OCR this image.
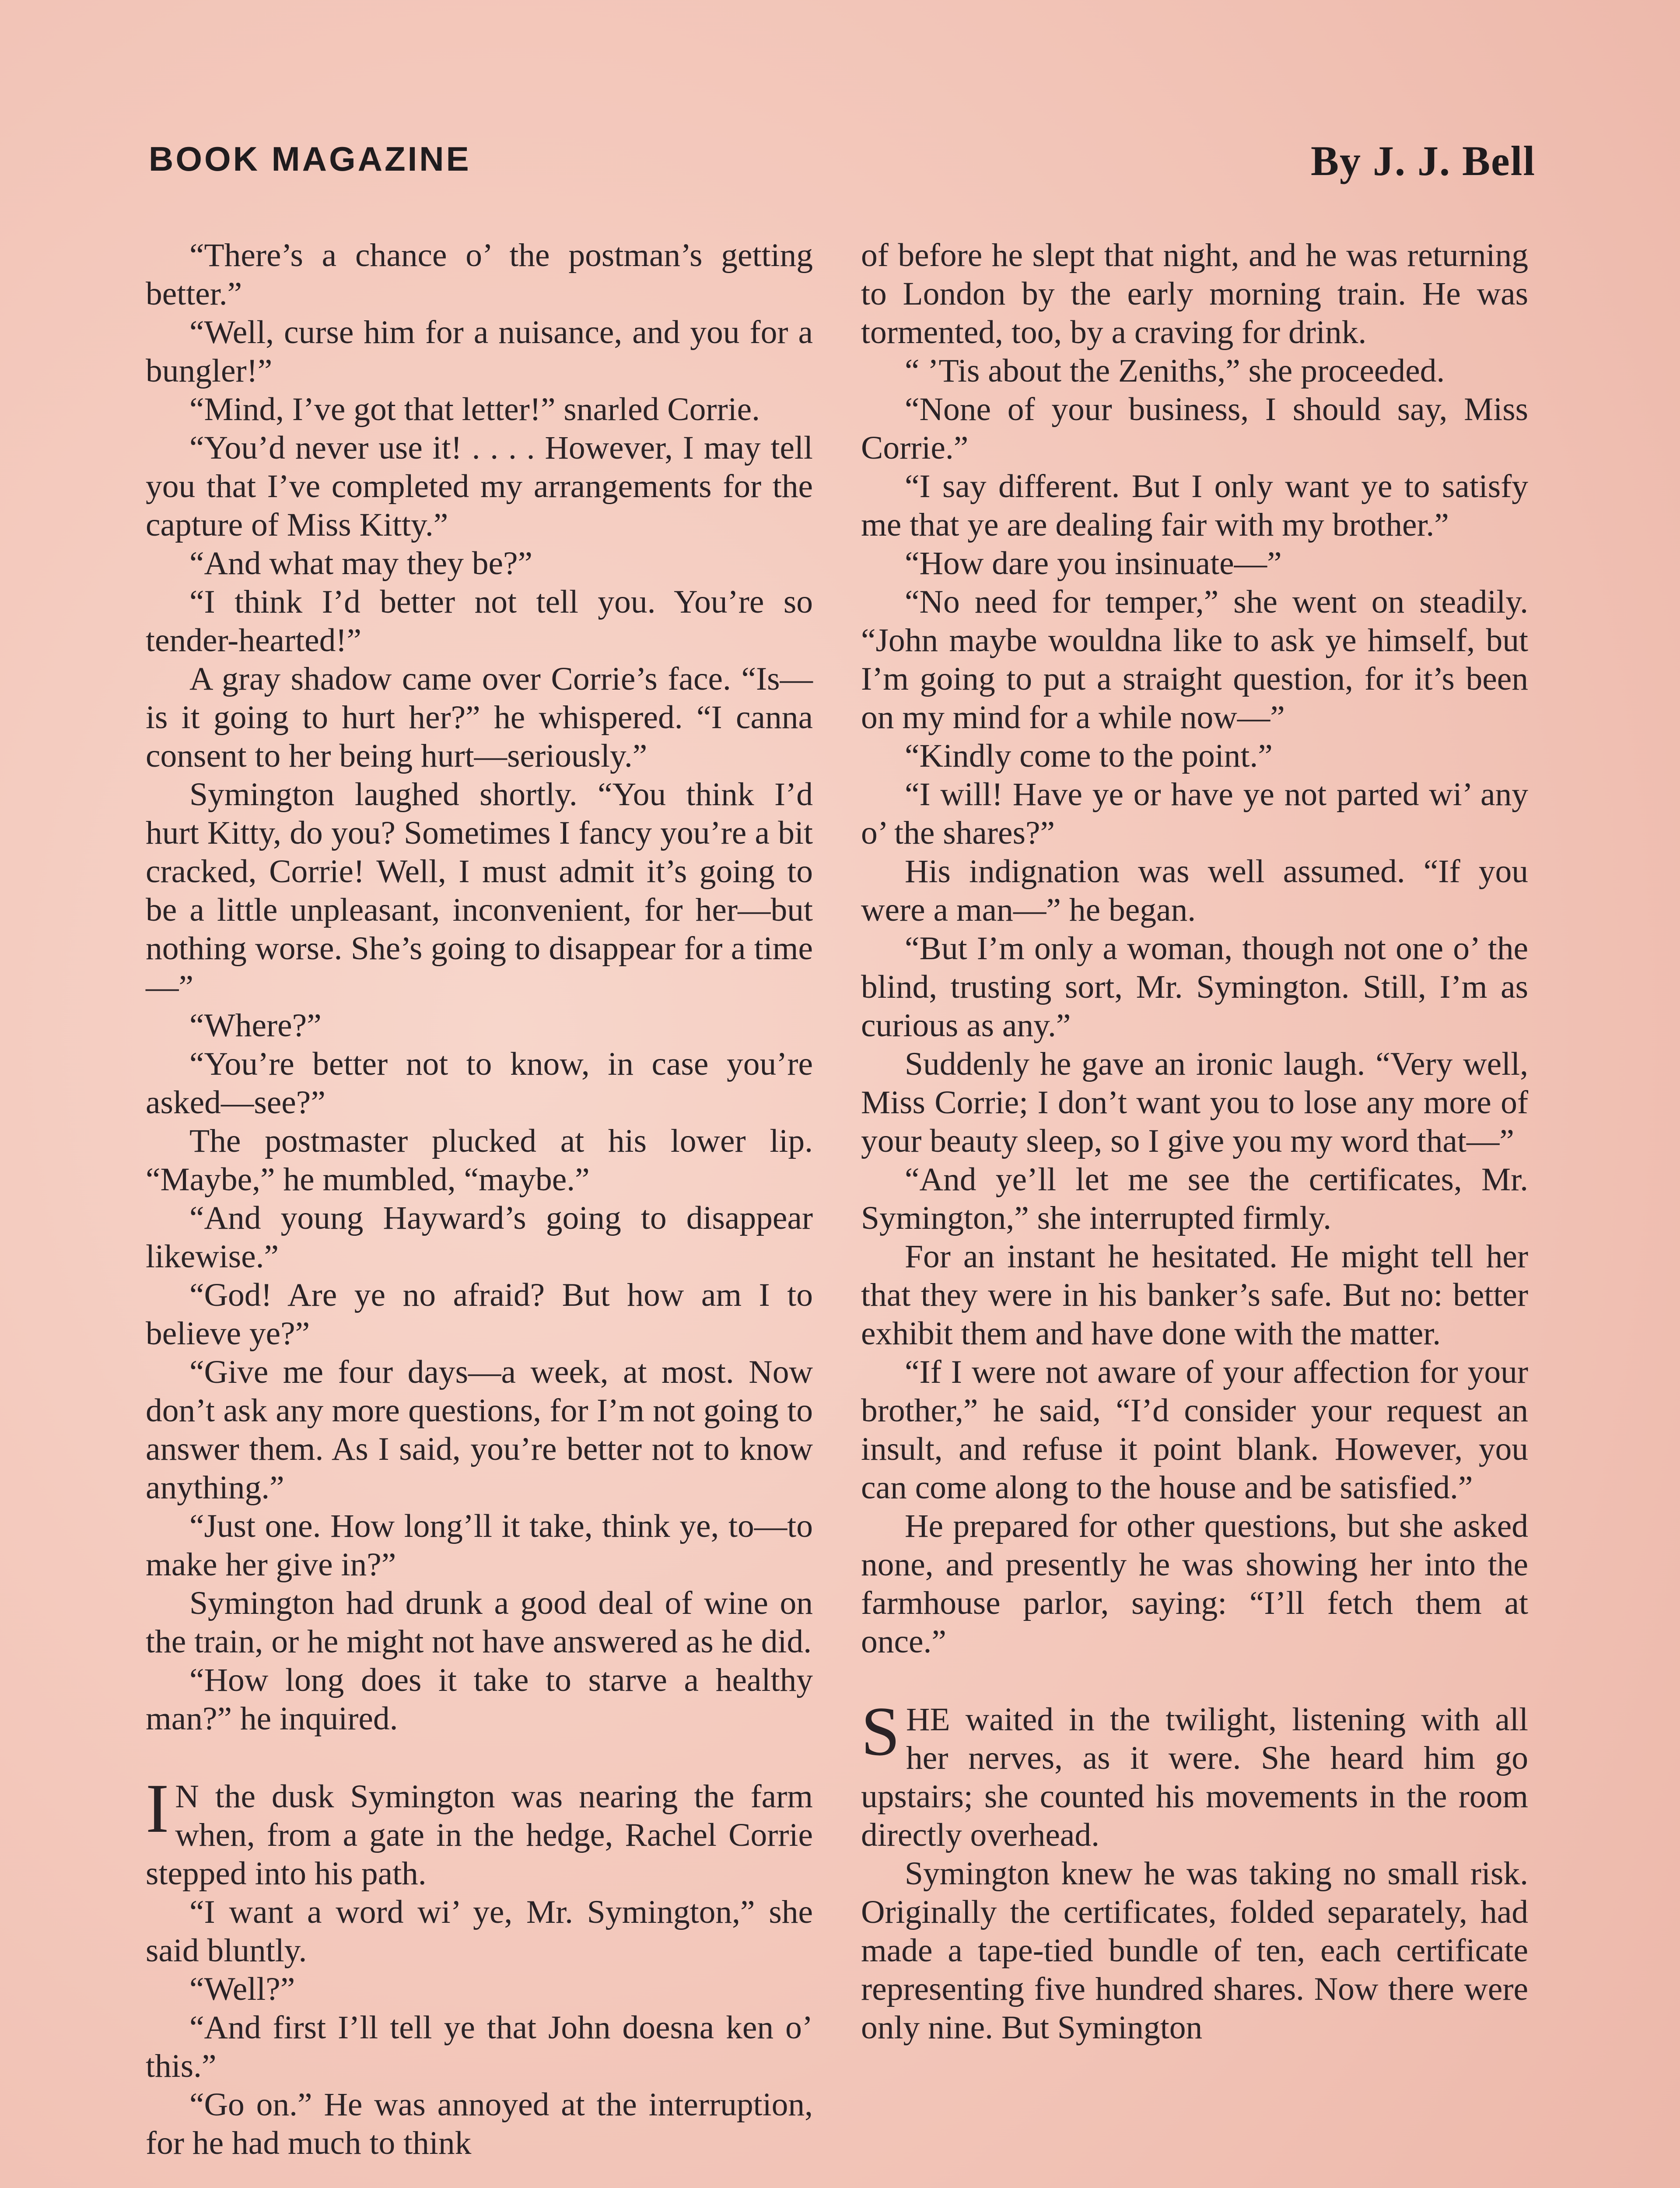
BOOK MAGAZINE	By J. J. Bell

“There’s a chance o’ the postman’s getting better.”

“Well, curse him for a nuisance, and you for a bungler!”

“Mind, I’ve got that letter!” snarled Corrie.

“You’d never use it! . . . . However, I may tell you that I’ve completed my arrangements for the capture of Miss Kitty.”

“And what may they be?”

“I think I’d better not tell you. You’re so tender-hearted!”

A gray shadow came over Corrie’s face. “Is—is it going to hurt her?” he whispered. “I canna consent to her being hurt—seriously.”

Symington laughed shortly. “You think I’d hurt Kitty, do you? Sometimes I fancy you’re a bit cracked, Corrie! Well, I must admit it’s going to be a little unpleasant, inconvenient, for her—but nothing worse. She’s going to disappear for a time—”

“Where?”

“You’re better not to know, in case you’re asked—see?”

The postmaster plucked at his lower lip. “Maybe,” he mumbled, “maybe.”

“And young Hayward’s going to disappear likewise.”

“God! Are ye no afraid? But how am I to believe ye?”

“Give me four days—a week, at most. Now don’t ask any more questions, for I’m not going to answer them. As I said, you’re better not to know anything.”

“Just one. How long’ll it take, think ye, to—to make her give in?”

Symington had drunk a good deal of wine on the train, or he might not have answered as he did.

“How long does it take to starve a healthy man?” he inquired.

I N the dusk Symington was nearing the farm when, from a gate in the hedge, Rachel Corrie stepped into his path.

“I want a word wi’ ye, Mr. Symington,” she said bluntly.

“Well?”

“And first I’ll tell ye that John doesna ken o’ this.”

“Go on.” He was annoyed at the interruption, for he had much to think

of before he slept that night, and he was returning to London by the early morning train. He was tormented, too, by a craving for drink.

“ ’Tis about the Zeniths,” she proceeded.

“None of your business, I should say, Miss Corrie.”

“I say different. But I only want ye to satisfy me that ye are dealing fair with my brother.”

“How dare you insinuate—”

“No need for temper,” she went on steadily. “John maybe wouldna like to ask ye himself, but I’m going to put a straight question, for it’s been on my mind for a while now—”

“Kindly come to the point.”

“I will! Have ye or have ye not parted wi’ any o’ the shares?”

His indignation was well assumed. “If you were a man—” he began.

“But I’m only a woman, though not one o’ the blind, trusting sort, Mr. Symington. Still, I’m as curious as any.”

Suddenly he gave an ironic laugh. “Very well, Miss Corrie; I don’t want you to lose any more of your beauty sleep, so I give you my word that—”

“And ye’ll let me see the certificates, Mr. Symington,” she interrupted firmly.

For an instant he hesitated. He might tell her that they were in his banker’s safe. But no: better exhibit them and have done with the matter.

“If I were not aware of your affection for your brother,” he said, “I’d consider your request an insult, and refuse it point blank. However, you can come along to the house and be satisfied.”

He prepared for other questions, but she asked none, and presently he was showing her into the farmhouse parlor, saying: “I’ll fetch them at once.”

SHE waited in the twilight, listening with all her nerves, as it were. She heard him go upstairs; she counted his movements in the room directly overhead.

Symington knew he was taking no small risk. Originally the certificates, folded separately, had made a tape-tied bundle of ten, each certificate representing five hundred shares. Now there were only nine. But Symington
